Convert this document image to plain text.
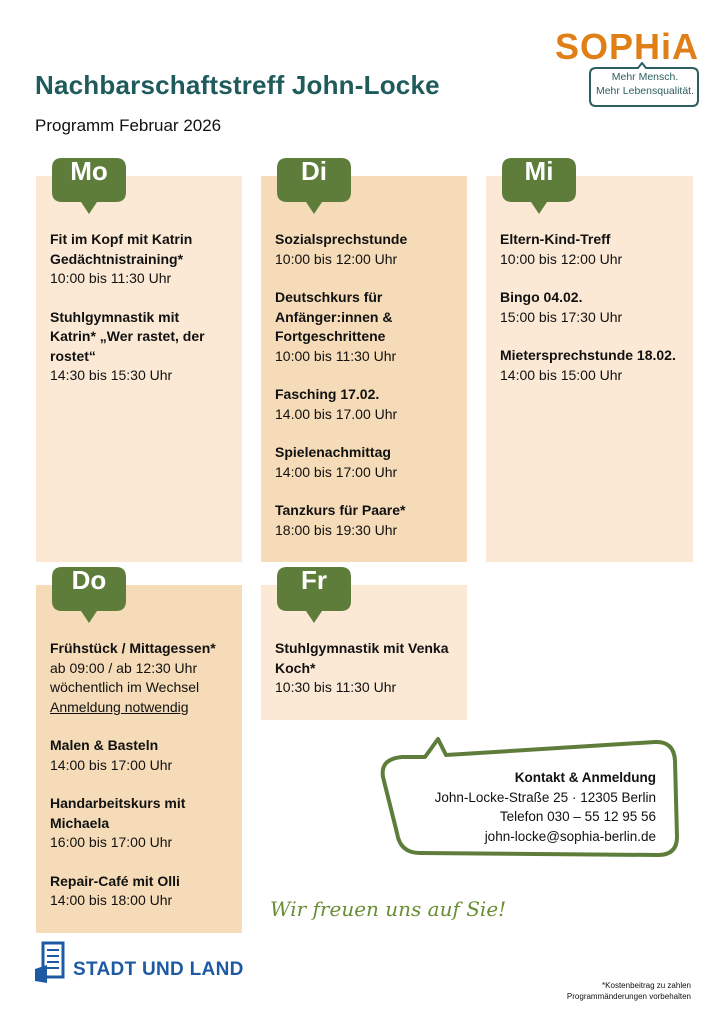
Nachbarschaftstreff John-Locke
Programm Februar 2026
SOPHiA
Mehr Mensch.
Mehr Lebensqualität.
Mo
Fit im Kopf mit Katrin Gedächtnistraining*
10:00 bis 11:30 Uhr
Stuhlgymnastik mit Katrin* „Wer rastet, der rostet“
14:30 bis 15:30 Uhr
Di
Sozialsprechstunde
10:00 bis 12:00 Uhr
Deutschkurs für Anfänger:innen & Fortgeschrittene
10:00 bis 11:30 Uhr
Fasching 17.02.
14.00 bis 17.00 Uhr
Spielenachmittag
14:00 bis 17:00 Uhr
Tanzkurs für Paare*
18:00 bis 19:30 Uhr
Mi
Eltern-Kind-Treff
10:00 bis 12:00 Uhr
Bingo 04.02.
15:00 bis 17:30 Uhr
Mietersprechstunde 18.02.
14:00 bis 15:00 Uhr
Do
Frühstück / Mittagessen*
ab 09:00 / ab 12:30 Uhr
wöchentlich im Wechsel
Anmeldung notwendig
Malen & Basteln
14:00 bis 17:00 Uhr
Handarbeitskurs mit Michaela
16:00 bis 17:00 Uhr
Repair-Café mit Olli
14:00 bis 18:00 Uhr
Fr
Stuhlgymnastik mit Venka Koch*
10:30 bis 11:30 Uhr
Kontakt & Anmeldung
John-Locke-Straße 25 · 12305 Berlin
Telefon 030 – 55 12 95 56
john-locke@sophia-berlin.de
Wir freuen uns auf Sie!
STADT UND LAND
*Kostenbeitrag zu zahlen
Programmänderungen vorbehalten
